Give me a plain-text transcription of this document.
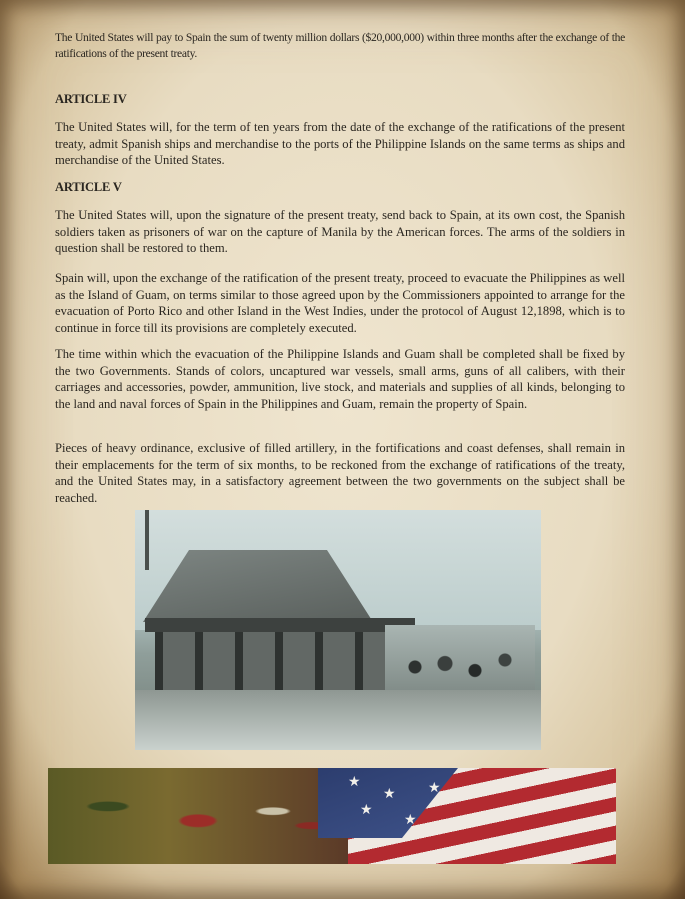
The United States will pay to Spain the sum of twenty million dollars ($20,000,000) within three months after the exchange of the ratifications of the present treaty.
ARTICLE IV
The United States will, for the term of ten years from the date of the exchange of the ratifications of the present treaty, admit Spanish ships and merchandise to the ports of the Philippine Islands on the same terms as ships and merchandise of the United States.
ARTICLE V
The United States will, upon the signature of the present treaty, send back to Spain, at its own cost, the Spanish soldiers taken as prisoners of war on the capture of Manila by the American forces. The arms of the soldiers in question shall be restored to them.
Spain will, upon the exchange of the ratification of the present treaty, proceed to evacuate the Philippines as well as the Island of Guam, on terms similar to those agreed upon by the Commissioners appointed to arrange for the evacuation of Porto Rico and other Island in the West Indies, under the protocol of August 12,1898, which is to continue in force till its provisions are completely executed.
The time within which the evacuation of the Philippine Islands and Guam shall be completed shall be fixed by the two Governments. Stands of colors, uncaptured war vessels, small arms, guns of all calibers, with their carriages and accessories, powder, ammunition, live stock, and materials and supplies of all kinds, belonging to the land and naval forces of Spain in the Philippines and Guam, remain the property of Spain.
Pieces of heavy ordinance, exclusive of filled artillery, in the fortifications and coast defenses, shall remain in their emplacements for the term of six months, to be reckoned from the exchange of ratifications of the treaty, and the United States may, in a satisfactory agreement between the two governments on the subject shall be reached.
★
★
★
★
★
